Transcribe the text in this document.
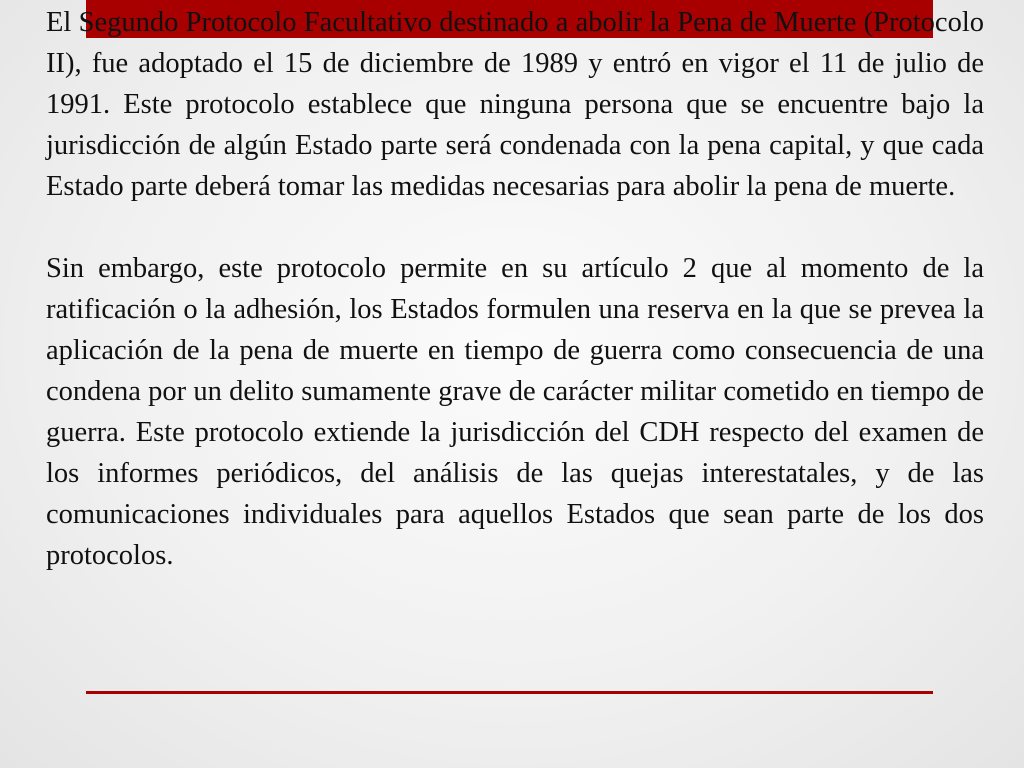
El Segundo Protocolo Facultativo destinado a abolir la Pena de Muerte (Protocolo II), fue adoptado el 15 de diciembre de 1989 y entró en vigor el 11 de julio de 1991. Este protocolo establece que ninguna persona que se encuentre bajo la jurisdicción de algún Estado parte será condenada con la pena capital, y que cada Estado parte deberá tomar las medidas necesarias para abolir la pena de muerte.

Sin embargo, este protocolo permite en su artículo 2 que al momento de la ratificación o la adhesión, los Estados formulen una reserva en la que se prevea la aplicación de la pena de muerte en tiempo de guerra como consecuencia de una condena por un delito sumamente grave de carácter militar cometido en tiempo de guerra. Este protocolo extiende la jurisdicción del CDH respecto del examen de los informes periódicos, del análisis de las quejas interestatales, y de las comunicaciones individuales para aquellos Estados que sean parte de los dos protocolos.
